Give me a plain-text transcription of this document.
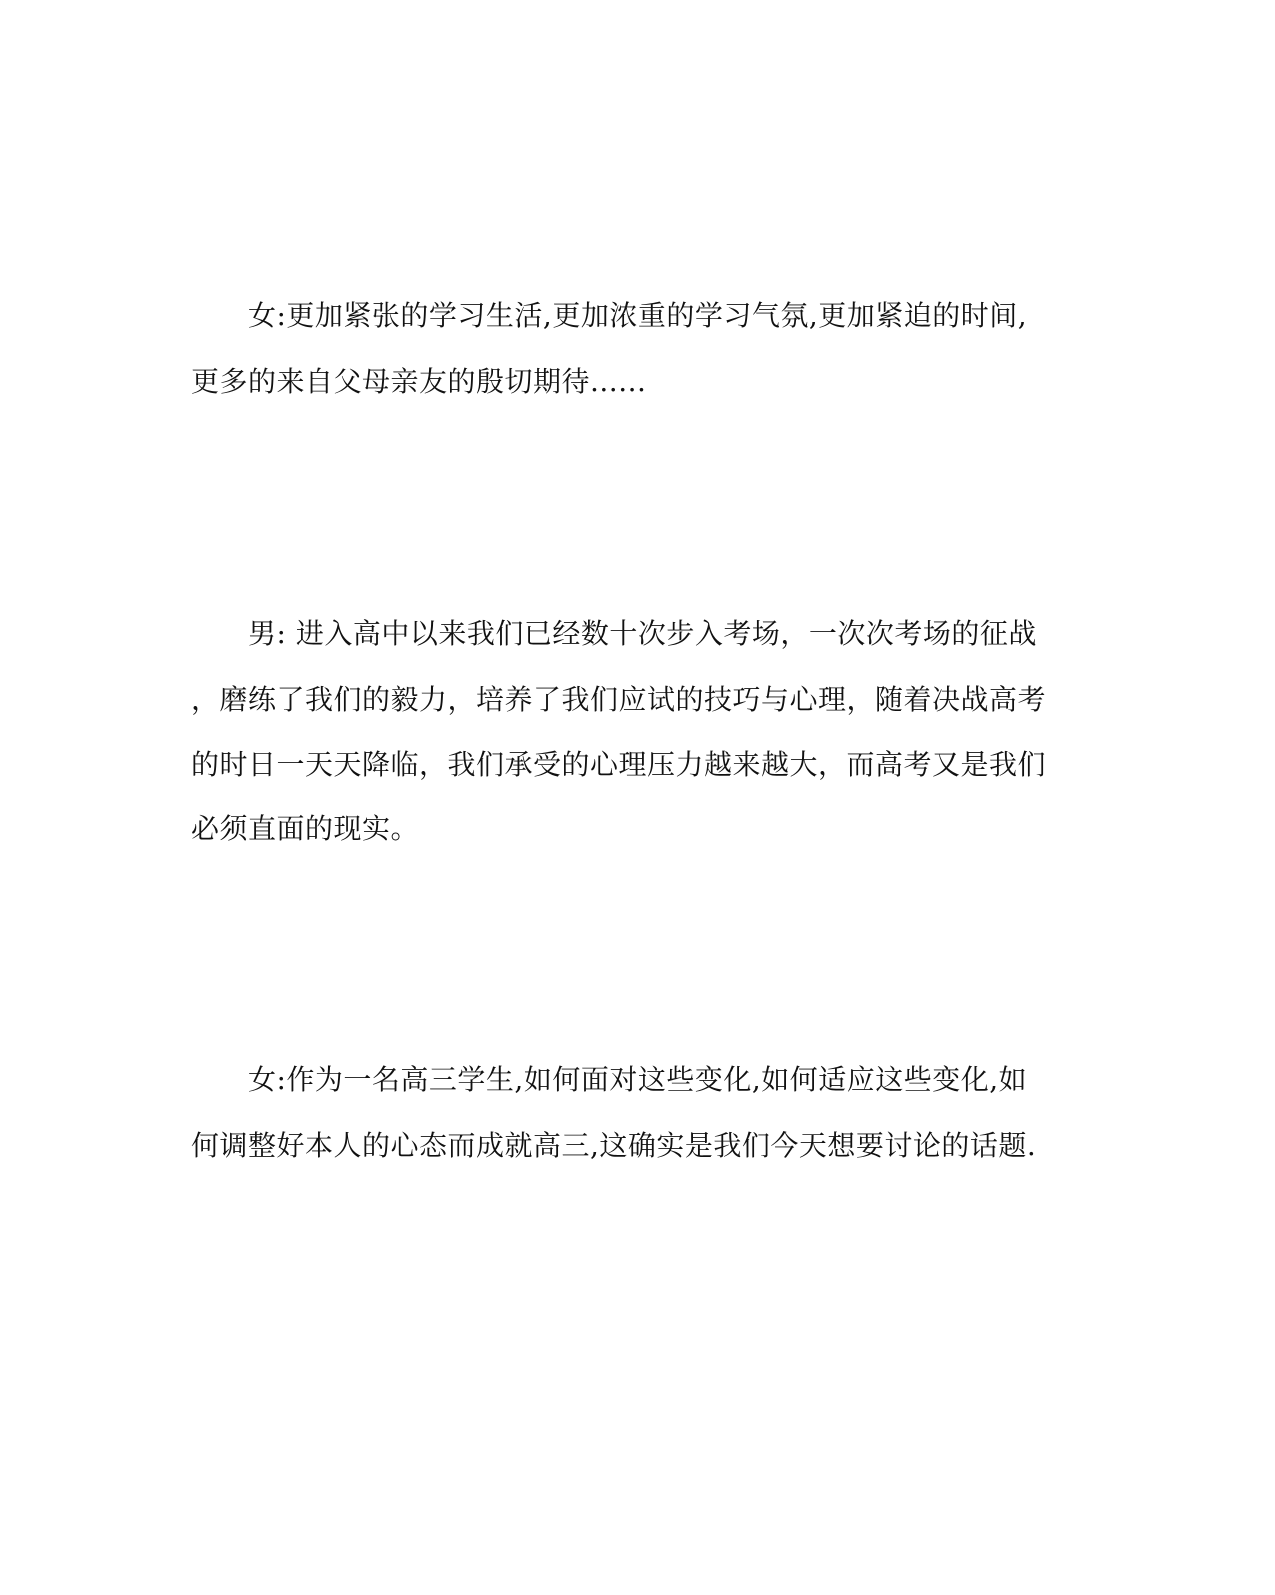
女:更加紧张的学习生活,更加浓重的学习气氛,更加紧迫的时间,
更多的来自父母亲友的殷切期待......
男: 进入高中以来我们已经数十次步入考场，一次次考场的征战
，磨练了我们的毅力，培养了我们应试的技巧与心理，随着决战高考
的时日一天天降临，我们承受的心理压力越来越大，而高考又是我们
必须直面的现实。
女:作为一名高三学生,如何面对这些变化,如何适应这些变化,如
何调整好本人的心态而成就高三,这确实是我们今天想要讨论的话题.
